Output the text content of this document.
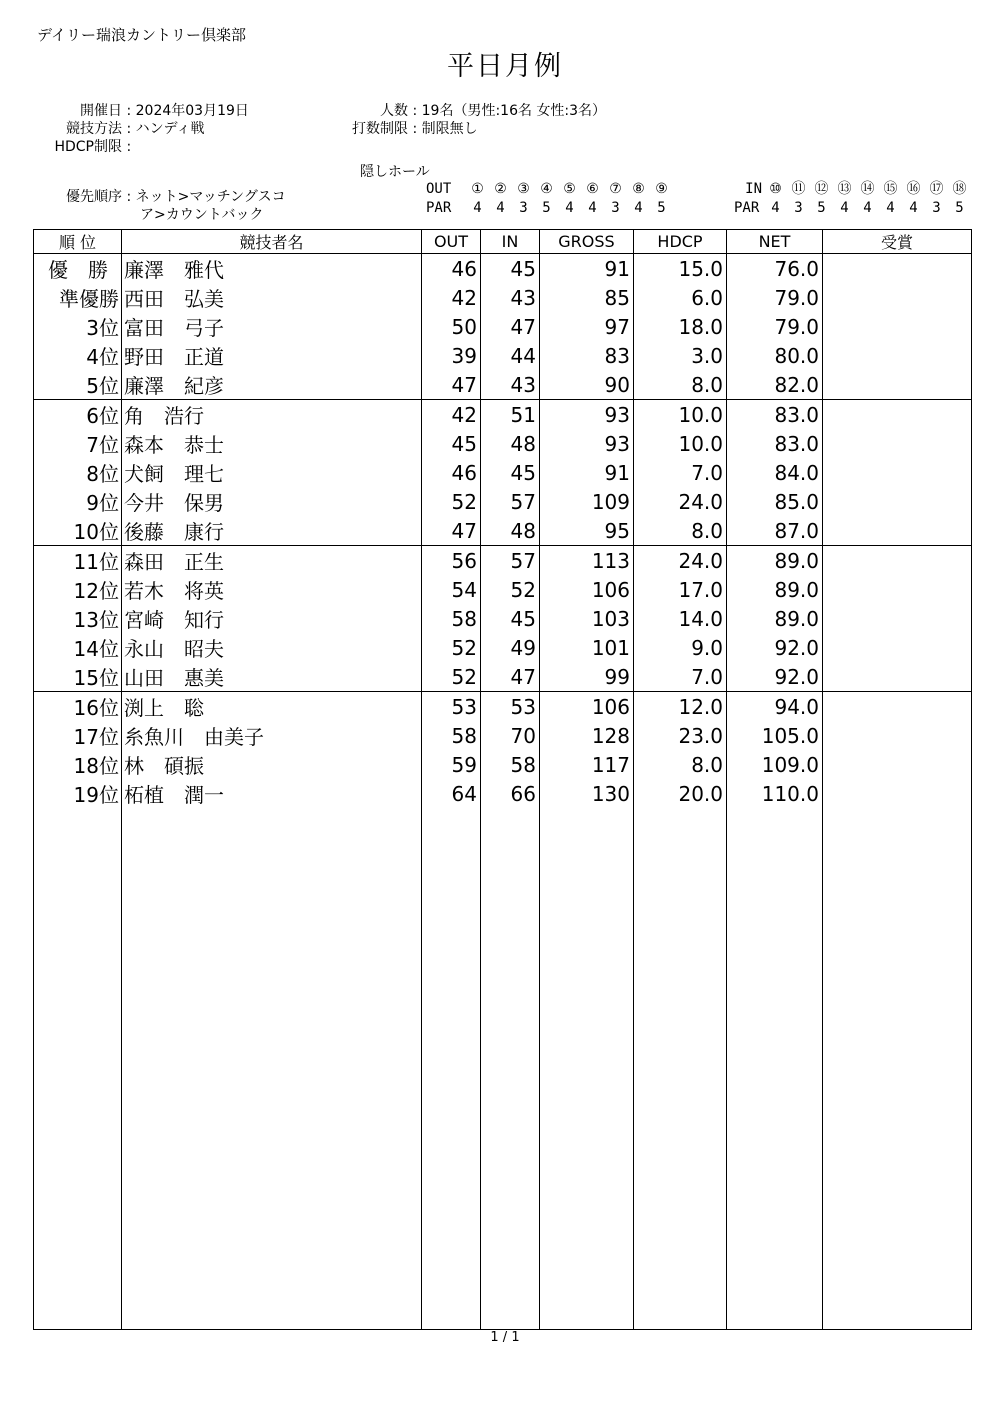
デイリー瑞浪カントリー倶楽部
平日月例
開催日 : 2024年03月19日
競技方法 : ハンディ戦
HDCP制限 :
優先順序 : ネット>マッチングスコ
ア>カウントバック
人数 : 19名（男性:16名 女性:3名）
打数制限 : 制限無し
隠しホール
OUT ① ② ③ ④ ⑤ ⑥ ⑦ ⑧ ⑨
PAR 4 4 3 5 4 4 3 4 5
IN ⑩ ⑪ ⑫ ⑬ ⑭ ⑮ ⑯ ⑰ ⑱
PAR 4 3 5 4 4 4 4 3 5
順 位	競技者名	OUT	IN	GROSS	HDCP	NET	受賞
優　勝	廉澤　雅代	46	45	91	15.0	76.0	
準優勝	西田　弘美	42	43	85	6.0	79.0	
3位	富田　弓子	50	47	97	18.0	79.0	
4位	野田　正道	39	44	83	3.0	80.0	
5位	廉澤　紀彦	47	43	90	8.0	82.0	
6位	角　浩行	42	51	93	10.0	83.0	
7位	森本　恭士	45	48	93	10.0	83.0	
8位	犬飼　理七	46	45	91	7.0	84.0	
9位	今井　保男	52	57	109	24.0	85.0	
10位	後藤　康行	47	48	95	8.0	87.0	
11位	森田　正生	56	57	113	24.0	89.0	
12位	若木　将英	54	52	106	17.0	89.0	
13位	宮崎　知行	58	45	103	14.0	89.0	
14位	永山　昭夫	52	49	101	9.0	92.0	
15位	山田　惠美	52	47	99	7.0	92.0	
16位	渕上　聡	53	53	106	12.0	94.0	
17位	糸魚川　由美子	58	70	128	23.0	105.0	
18位	林　碩振	59	58	117	8.0	109.0	
19位	柘植　潤一	64	66	130	20.0	110.0	

1 / 1
